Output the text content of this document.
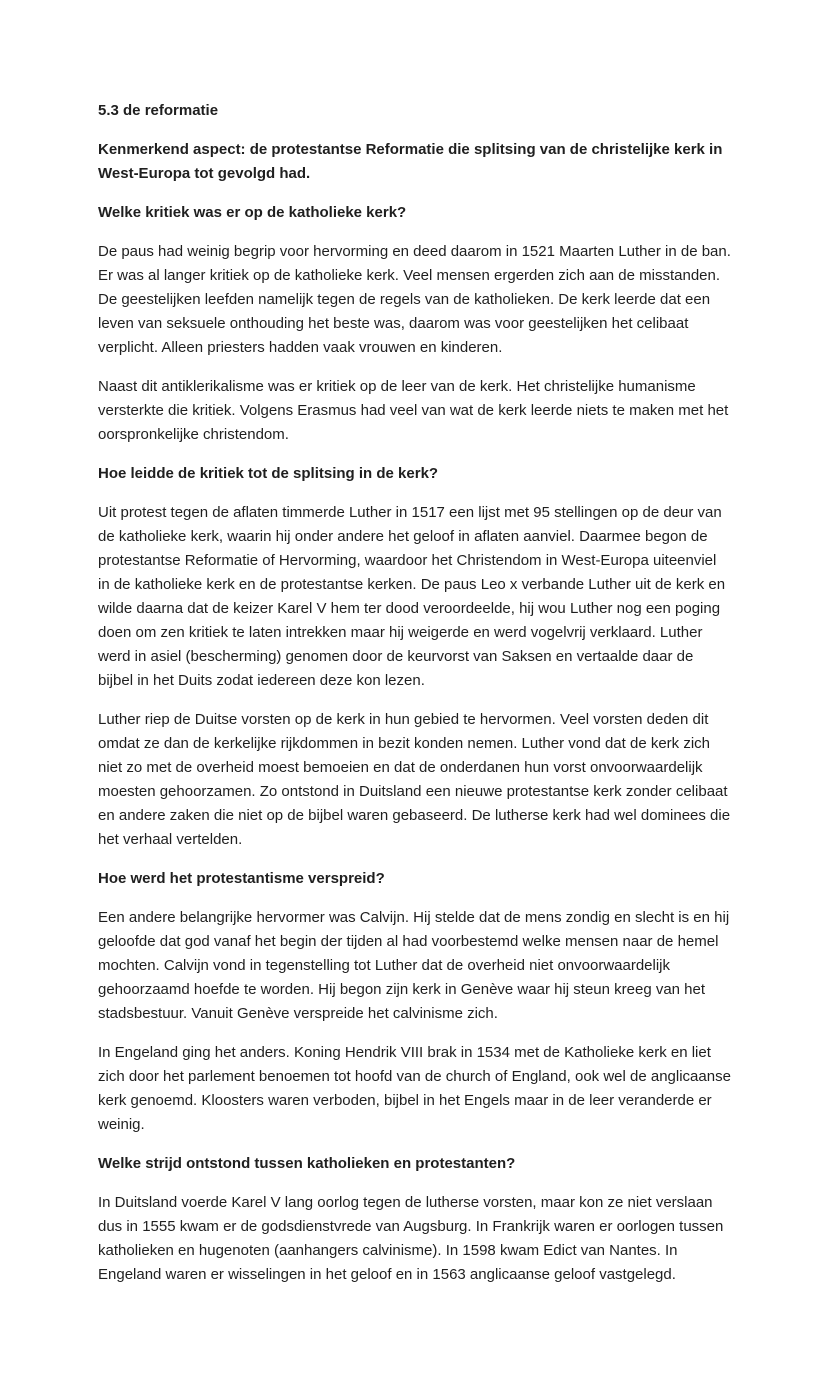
5.3 de reformatie

Kenmerkend aspect: de protestantse Reformatie die splitsing van de christelijke kerk in West-Europa tot gevolgd had.

Welke kritiek was er op de katholieke kerk?

De paus had weinig begrip voor hervorming en deed daarom in 1521 Maarten Luther in de ban. Er was al langer kritiek op de katholieke kerk. Veel mensen ergerden zich aan de misstanden. De geestelijken leefden namelijk tegen de regels van de katholieken. De kerk leerde dat een leven van seksuele onthouding het beste was, daarom was voor geestelijken het celibaat verplicht. Alleen priesters hadden vaak vrouwen en kinderen.

Naast dit antiklerikalisme was er kritiek op de leer van de kerk. Het christelijke humanisme versterkte die kritiek. Volgens Erasmus had veel van wat de kerk leerde niets te maken met het oorspronkelijke christendom.

Hoe leidde de kritiek tot de splitsing in de kerk?

Uit protest tegen de aflaten timmerde Luther in 1517 een lijst met 95 stellingen op de deur van de katholieke kerk, waarin hij onder andere het geloof in aflaten aanviel. Daarmee begon de protestantse Reformatie of Hervorming, waardoor het Christendom in West-Europa uiteenviel in de katholieke kerk en de protestantse kerken. De paus Leo x verbande Luther uit de kerk en wilde daarna dat de keizer Karel V hem ter dood veroordeelde, hij wou Luther nog een poging doen om zen kritiek te laten intrekken maar hij weigerde en werd vogelvrij verklaard. Luther werd in asiel (bescherming) genomen door de keurvorst van Saksen en vertaalde daar de bijbel in het Duits zodat iedereen deze kon lezen.

Luther riep de Duitse vorsten op de kerk in hun gebied te hervormen. Veel vorsten deden dit omdat ze dan de kerkelijke rijkdommen in bezit konden nemen. Luther vond dat de kerk zich niet zo met de overheid moest bemoeien en dat de onderdanen hun vorst onvoorwaardelijk moesten gehoorzamen. Zo ontstond in Duitsland een nieuwe protestantse kerk zonder celibaat en andere zaken die niet op de bijbel waren gebaseerd. De lutherse kerk had wel dominees die het verhaal vertelden.

Hoe werd het protestantisme verspreid?

Een andere belangrijke hervormer was Calvijn. Hij stelde dat de mens zondig en slecht is en hij geloofde dat god vanaf het begin der tijden al had voorbestemd welke mensen naar de hemel mochten. Calvijn vond in tegenstelling tot Luther dat de overheid niet onvoorwaardelijk gehoorzaamd hoefde te worden. Hij begon zijn kerk in Genève waar hij steun kreeg van het stadsbestuur. Vanuit Genève verspreide het calvinisme zich.

In Engeland ging het anders. Koning Hendrik VIII brak in 1534 met de Katholieke kerk en liet zich door het parlement benoemen tot hoofd van de church of England, ook wel de anglicaanse kerk genoemd. Kloosters waren verboden, bijbel in het Engels maar in de leer veranderde er weinig.

Welke strijd ontstond tussen katholieken en protestanten?

In Duitsland voerde Karel V lang oorlog tegen de lutherse vorsten, maar kon ze niet verslaan dus in 1555 kwam er de godsdienstvrede van Augsburg. In Frankrijk waren er oorlogen tussen katholieken en hugenoten (aanhangers calvinisme). In 1598 kwam Edict van Nantes. In Engeland waren er wisselingen in het geloof en in 1563 anglicaanse geloof vastgelegd.
